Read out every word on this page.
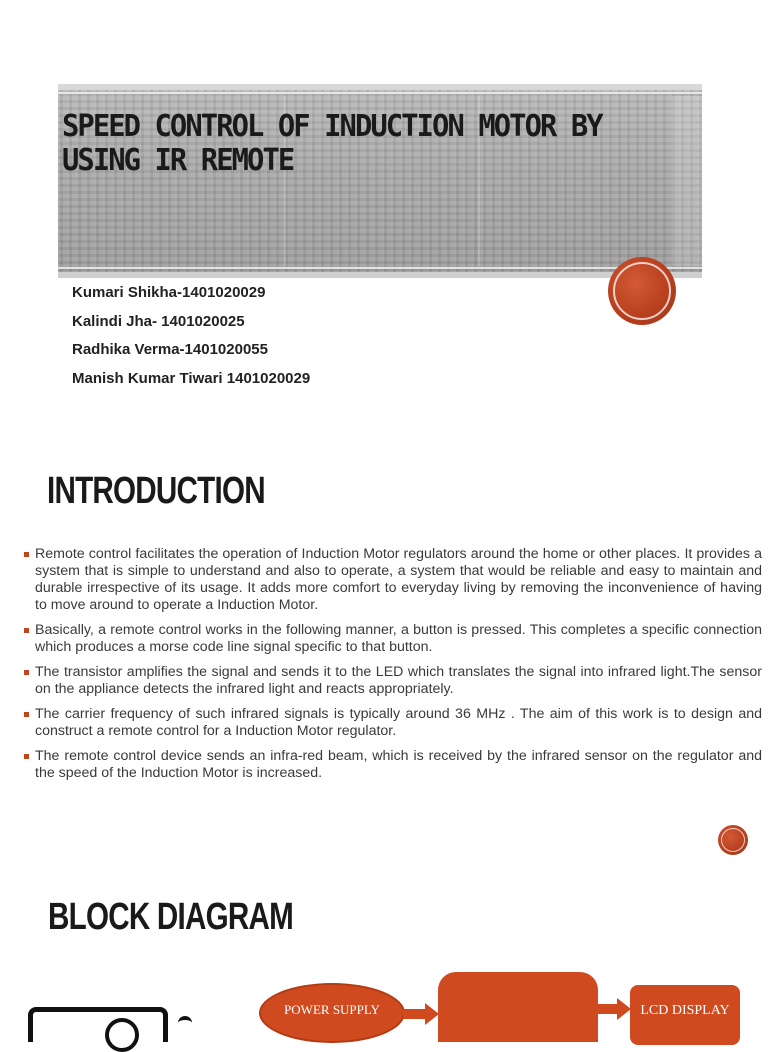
SPEED CONTROL OF INDUCTION MOTOR BY
USING IR REMOTE
Kumari Shikha-1401020029
Kalindi Jha- 1401020025
Radhika Verma-1401020055
Manish Kumar Tiwari 1401020029
INTRODUCTION
Remote control facilitates the operation of Induction Motor regulators around the home or other places. It provides a system that is simple to understand and also to operate, a system that would be reliable and easy to maintain and durable irrespective of its usage. It adds more comfort to everyday living by removing the inconvenience of having to move around to operate a Induction Motor.
Basically, a remote control works in the following manner, a button is pressed. This completes a specific connection which produces a morse code line signal specific to that button.
The transistor amplifies the signal and sends it to the LED which translates the signal into infrared light.The sensor on the appliance detects the infrared light and reacts appropriately.
The carrier frequency of such infrared signals is typically around 36 MHz . The aim of this work is to design and construct a remote control for a Induction Motor regulator.
The remote control device sends an infra-red beam, which is received by the infrared sensor on the regulator and the speed of the Induction Motor is increased.
BLOCK DIAGRAM
POWER SUPPLY	LCD DISPLAY
